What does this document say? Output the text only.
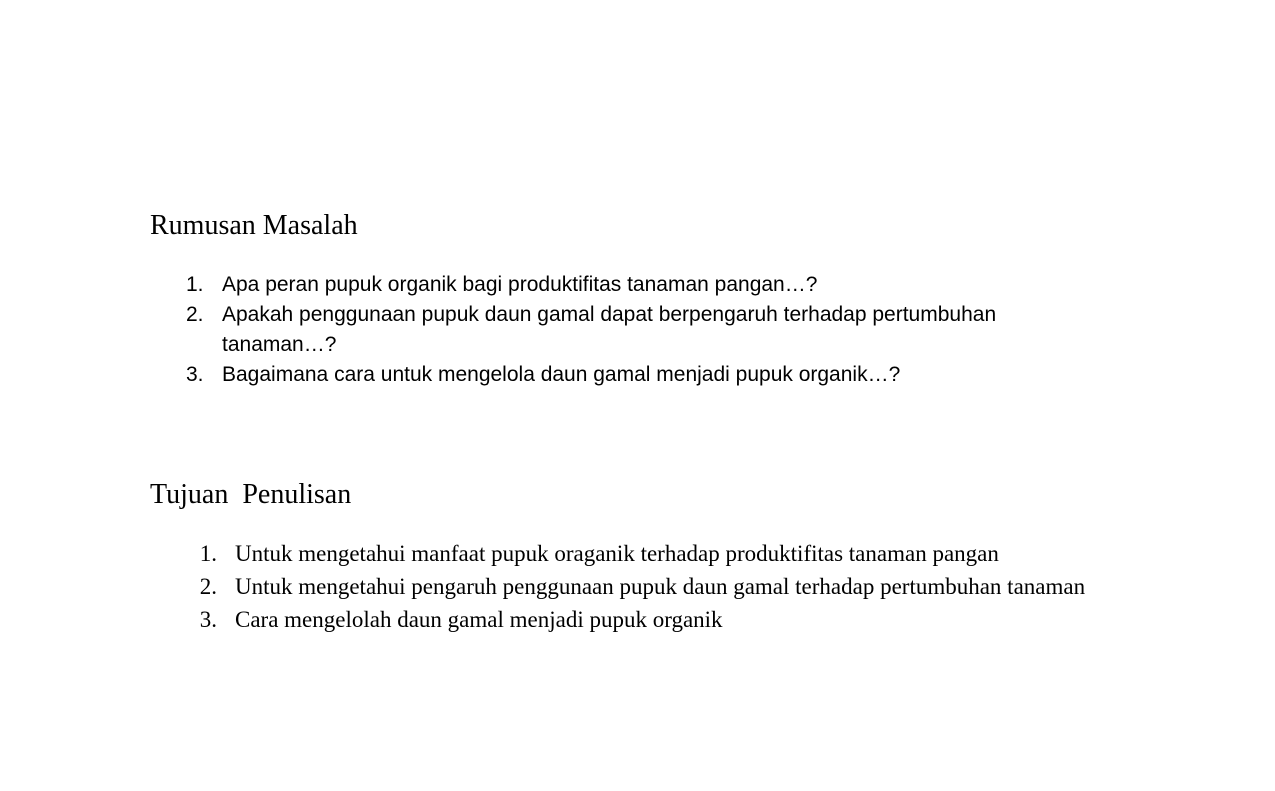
Rumusan Masalah
1. Apa peran pupuk organik bagi produktifitas tanaman pangan…?
2. Apakah penggunaan pupuk daun gamal dapat berpengaruh terhadap pertumbuhan tanaman…?
3. Bagaimana cara untuk mengelola daun gamal menjadi pupuk organik…?
Tujuan  Penulisan
1. Untuk mengetahui manfaat pupuk oraganik terhadap produktifitas tanaman pangan
2. Untuk mengetahui pengaruh penggunaan pupuk daun gamal terhadap pertumbuhan tanaman
3. Cara mengelolah daun gamal menjadi pupuk organik
